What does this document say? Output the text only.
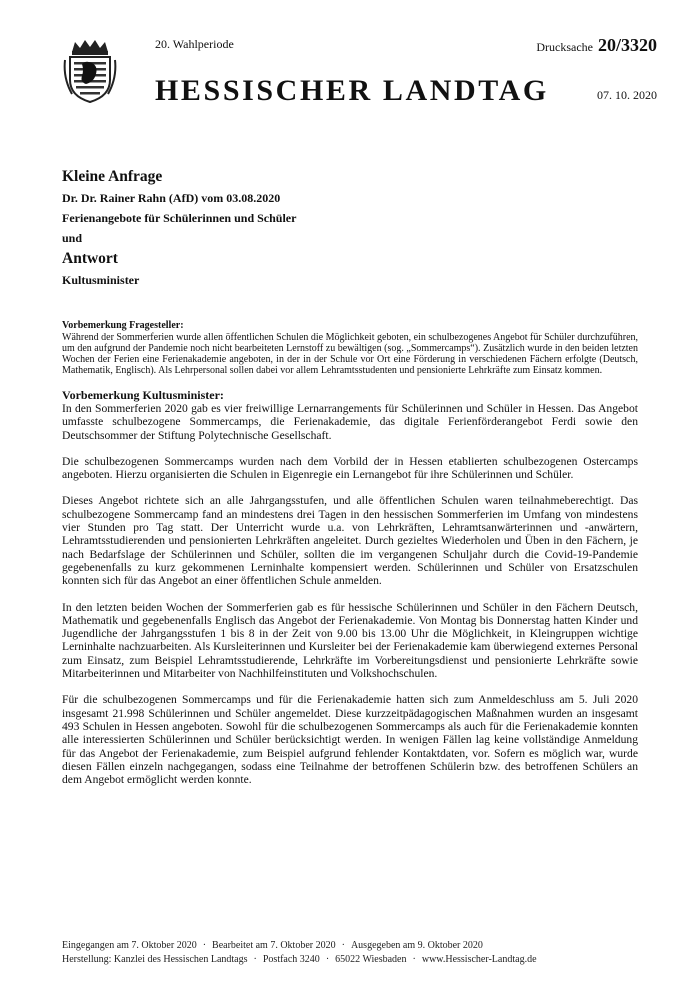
20. Wahlperiode
HESSISCHER LANDTAG
Drucksache 20/3320
07. 10. 2020

Kleine Anfrage

Dr. Dr. Rainer Rahn (AfD) vom 03.08.2020

Ferienangebote für Schülerinnen und Schüler

und

Antwort

Kultusminister

Vorbemerkung Fragesteller:

Während der Sommerferien wurde allen öffentlichen Schulen die Möglichkeit geboten, ein schulbezogenes Angebot für Schüler durchzuführen, um den aufgrund der Pandemie noch nicht bearbeiteten Lernstoff zu bewältigen (sog. „Sommercamps“). Zusätzlich wurde in den beiden letzten Wochen der Ferien eine Ferienakademie angeboten, in der in der Schule vor Ort eine Förderung in verschiedenen Fächern erfolgte (Deutsch, Mathematik, Englisch). Als Lehrpersonal sollen dabei vor allem Lehramtsstudenten und pensionierte Lehrkräfte zum Einsatz kommen.

Vorbemerkung Kultusminister:

In den Sommerferien 2020 gab es vier freiwillige Lernarrangements für Schülerinnen und Schüler in Hessen. Das Angebot umfasste schulbezogene Sommercamps, die Ferienakademie, das digitale Ferienförderangebot Ferdi sowie den Deutschsommer der Stiftung Polytechnische Gesellschaft.

Die schulbezogenen Sommercamps wurden nach dem Vorbild der in Hessen etablierten schulbezogenen Ostercamps angeboten. Hierzu organisierten die Schulen in Eigenregie ein Lernangebot für ihre Schülerinnen und Schüler.

Dieses Angebot richtete sich an alle Jahrgangsstufen, und alle öffentlichen Schulen waren teilnahmeberechtigt. Das schulbezogene Sommercamp fand an mindestens drei Tagen in den hessischen Sommerferien im Umfang von mindestens vier Stunden pro Tag statt. Der Unterricht wurde u.a. von Lehrkräften, Lehramtsanwärterinnen und -anwärtern, Lehramtsstudierenden und pensionierten Lehrkräften angeleitet. Durch gezieltes Wiederholen und Üben in den Fächern, je nach Bedarfslage der Schülerinnen und Schüler, sollten die im vergangenen Schuljahr durch die Covid-19-Pandemie gegebenenfalls zu kurz gekommenen Lerninhalte kompensiert werden. Schülerinnen und Schüler von Ersatzschulen konnten sich für das Angebot an einer öffentlichen Schule anmelden.

In den letzten beiden Wochen der Sommerferien gab es für hessische Schülerinnen und Schüler in den Fächern Deutsch, Mathematik und gegebenenfalls Englisch das Angebot der Ferienakademie. Von Montag bis Donnerstag hatten Kinder und Jugendliche der Jahrgangsstufen 1 bis 8 in der Zeit von 9.00 bis 13.00 Uhr die Möglichkeit, in Kleingruppen wichtige Lerninhalte nachzuarbeiten. Als Kursleiterinnen und Kursleiter bei der Ferienakademie kam überwiegend externes Personal zum Einsatz, zum Beispiel Lehramtsstudierende, Lehrkräfte im Vorbereitungsdienst und pensionierte Lehrkräfte sowie Mitarbeiterinnen und Mitarbeiter von Nachhilfeinstituten und Volkshochschulen.

Für die schulbezogenen Sommercamps und für die Ferienakademie hatten sich zum Anmeldeschluss am 5. Juli 2020 insgesamt 21.998 Schülerinnen und Schüler angemeldet. Diese kurzzeitpädagogischen Maßnahmen wurden an insgesamt 493 Schulen in Hessen angeboten. Sowohl für die schulbezogenen Sommercamps als auch für die Ferienakademie konnten alle interessierten Schülerinnen und Schüler berücksichtigt werden. In wenigen Fällen lag keine vollständige Anmeldung für das Angebot der Ferienakademie, zum Beispiel aufgrund fehlender Kontaktdaten, vor. Sofern es möglich war, wurde diesen Fällen einzeln nachgegangen, sodass eine Teilnahme der betroffenen Schülerin bzw. des betroffenen Schülers an dem Angebot ermöglicht werden konnte.

Eingegangen am 7. Oktober 2020 · Bearbeitet am 7. Oktober 2020 · Ausgegeben am 9. Oktober 2020
Herstellung: Kanzlei des Hessischen Landtags · Postfach 3240 · 65022 Wiesbaden · www.Hessischer-Landtag.de
